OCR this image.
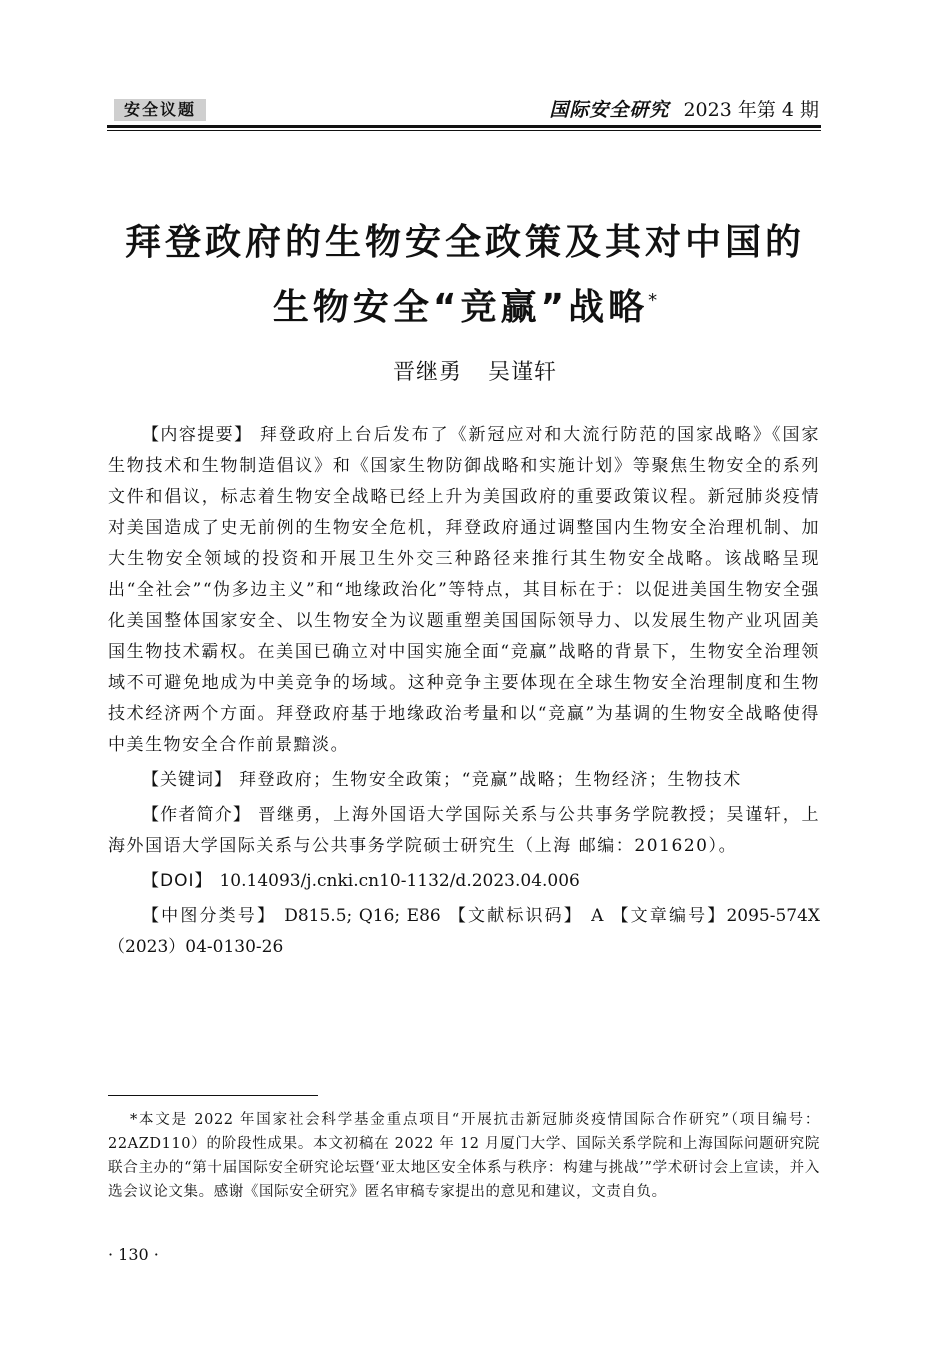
安全议题	国际安全研究 2023 年第 4 期
拜登政府的生物安全政策及其对中国的
生物安全“竞赢”战略*
晋继勇 吴谨轩

【内容提要】 拜登政府上台后发布了《新冠应对和大流行防范的国家战略》《国家生物技术和生物制造倡议》和《国家生物防御战略和实施计划》等聚焦生物安全的系列文件和倡议，标志着生物安全战略已经上升为美国政府的重要政策议程。新冠肺炎疫情对美国造成了史无前例的生物安全危机，拜登政府通过调整国内生物安全治理机制、加大生物安全领域的投资和开展卫生外交三种路径来推行其生物安全战略。该战略呈现出“全社会”“伪多边主义”和“地缘政治化”等特点，其目标在于：以促进美国生物安全强化美国整体国家安全、以生物安全为议题重塑美国国际领导力、以发展生物产业巩固美国生物技术霸权。在美国已确立对中国实施全面“竞赢”战略的背景下，生物安全治理领域不可避免地成为中美竞争的场域。这种竞争主要体现在全球生物安全治理制度和生物技术经济两个方面。拜登政府基于地缘政治考量和以“竞赢”为基调的生物安全战略使得中美生物安全合作前景黯淡。

【关键词】 拜登政府；生物安全政策；“竞赢”战略；生物经济；生物技术

【作者简介】 晋继勇，上海外国语大学国际关系与公共事务学院教授；吴谨轩，上海外国语大学国际关系与公共事务学院硕士研究生（上海 邮编：201620）。

【DOI】 10.14093/j.cnki.cn10-1132/d.2023.04.006

【中图分类号】 D815.5; Q16; E86 【文献标识码】 A 【文章编号】2095-574X（2023）04-0130-26

*本文是 2022 年国家社会科学基金重点项目“开展抗击新冠肺炎疫情国际合作研究”（项目编号：22AZD110）的阶段性成果。本文初稿在 2022 年 12 月厦门大学、国际关系学院和上海国际问题研究院联合主办的“第十届国际安全研究论坛暨‘亚太地区安全体系与秩序：构建与挑战’”学术研讨会上宣读，并入选会议论文集。感谢《国际安全研究》匿名审稿专家提出的意见和建议，文责自负。

· 130 ·
